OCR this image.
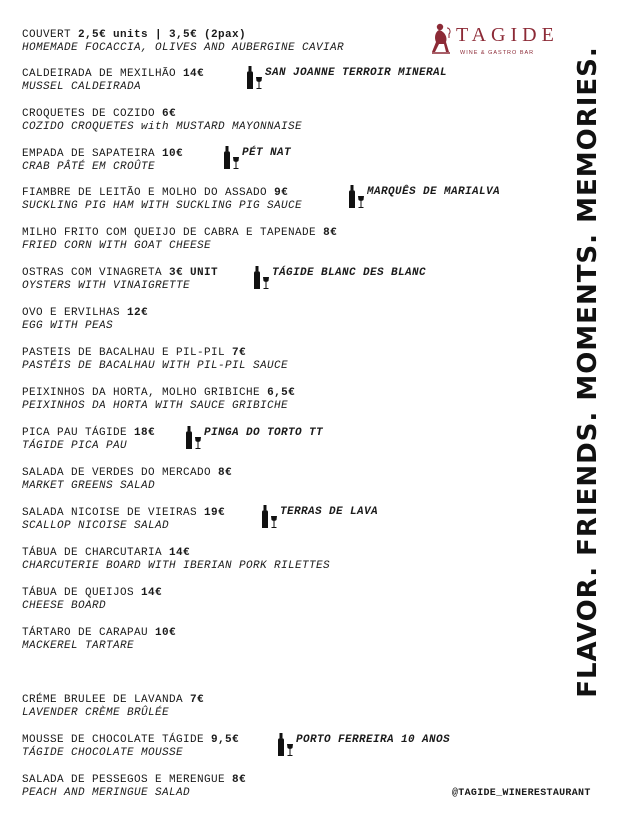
TAGIDE
WINE & GASTRO BAR
COUVERT 2,5€ units | 3,5€ (2pax)
HOMEMADE FOCACCIA, OLIVES AND AUBERGINE CAVIAR
CALDEIRADA DE MEXILHÃO 14€
MUSSEL CALDEIRADA
SAN JOANNE TERROIR MINERAL
CROQUETES DE COZIDO 6€
COZIDO CROQUETES with MUSTARD MAYONNAISE
EMPADA DE SAPATEIRA 10€
CRAB PÂTÉ EM CROÛTE
PÉT NAT
FIAMBRE DE LEITÃO E MOLHO DO ASSADO 9€
SUCKLING PIG HAM WITH SUCKLING PIG SAUCE
MARQUÊS DE MARIALVA
MILHO FRITO COM QUEIJO DE CABRA E TAPENADE 8€
FRIED CORN WITH GOAT CHEESE
OSTRAS COM VINAGRETA 3€ UNIT
OYSTERS WITH VINAIGRETTE
TÁGIDE BLANC DES BLANC
OVO E ERVILHAS 12€
EGG WITH PEAS
PASTEIS DE BACALHAU E PIL-PIL 7€
PASTÉIS DE BACALHAU WITH PIL-PIL SAUCE
PEIXINHOS DA HORTA, MOLHO GRIBICHE 6,5€
PEIXINHOS DA HORTA WITH SAUCE GRIBICHE
PICA PAU TÁGIDE 18€
TÁGIDE PICA PAU
PINGA DO TORTO TT
SALADA DE VERDES DO MERCADO 8€
MARKET GREENS SALAD
SALADA NICOISE DE VIEIRAS 19€
SCALLOP NICOISE SALAD
TERRAS DE LAVA
TÁBUA DE CHARCUTARIA 14€
CHARCUTERIE BOARD WITH IBERIAN PORK RILETTES
TÁBUA DE QUEIJOS 14€
CHEESE BOARD
TÁRTARO DE CARAPAU 10€
MACKEREL TARTARE
CRÉME BRULEE DE LAVANDA 7€
LAVENDER CRÈME BRÛLÉE
MOUSSE DE CHOCOLATE TÁGIDE 9,5€
TÁGIDE CHOCOLATE MOUSSE
PORTO FERREIRA 10 ANOS
SALADA DE PESSEGOS E MERENGUE 8€
PEACH AND MERINGUE SALAD
FLAVOR. FRIENDS. MOMENTS. MEMORIES.
@TAGIDE_WINERESTAURANT
